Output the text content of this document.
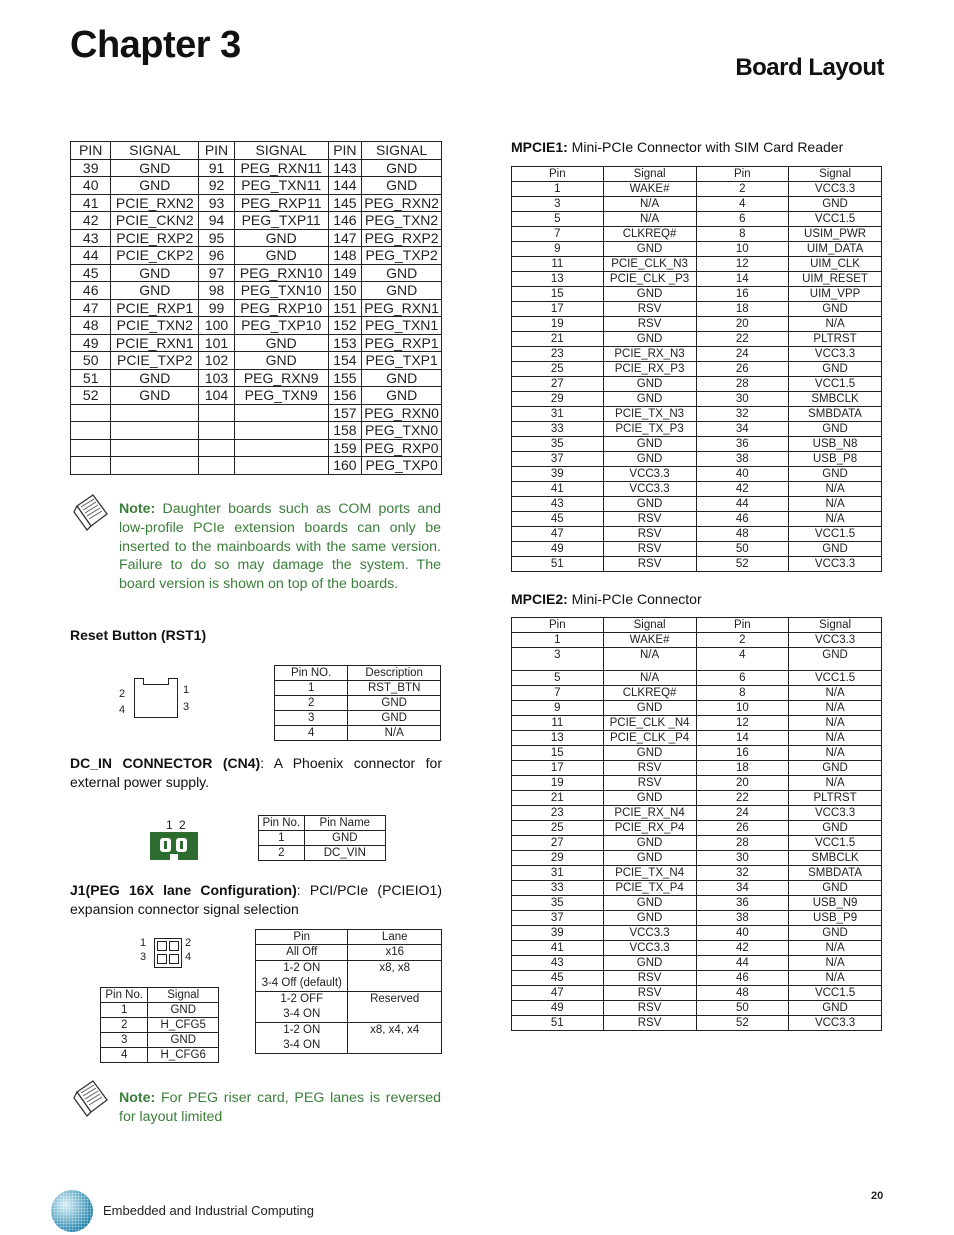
Chapter 3
Board Layout
PIN	SIGNAL	PIN	SIGNAL	PIN	SIGNAL
39	GND	91	PEG_RXN11	143	GND
40	GND	92	PEG_TXN11	144	GND
41	PCIE_RXN2	93	PEG_RXP11	145	PEG_RXN2
42	PCIE_CKN2	94	PEG_TXP11	146	PEG_TXN2
43	PCIE_RXP2	95	GND	147	PEG_RXP2
44	PCIE_CKP2	96	GND	148	PEG_TXP2
45	GND	97	PEG_RXN10	149	GND
46	GND	98	PEG_TXN10	150	GND
47	PCIE_RXP1	99	PEG_RXP10	151	PEG_RXN1
48	PCIE_TXN2	100	PEG_TXP10	152	PEG_TXN1
49	PCIE_RXN1	101	GND	153	PEG_RXP1
50	PCIE_TXP2	102	GND	154	PEG_TXP1
51	GND	103	PEG_RXN9	155	GND
52	GND	104	PEG_TXN9	156	GND
				157	PEG_RXN0
				158	PEG_TXN0
				159	PEG_RXP0
				160	PEG_TXP0
Note: Daughter boards such as COM ports and low-profile PCIe extension boards can only be inserted to the mainboards with the same version. Failure to do so may damage the system. The board version is shown on top of the boards.
Reset Button (RST1)
2
4
1
3
Pin NO.	Description
1	RST_BTN
2	GND
3	GND
4	N/A
DC_IN CONNECTOR (CN4): A Phoenix connector for external power supply.
1 2	Pin No.	Pin Name
1	GND
2	DC_VIN
J1(PEG 16X lane Configuration): PCI/PCIe (PCIEIO1) expansion connector signal selection
1
3
2
4
Pin No.	Signal
1	GND
2	H_CFG5
3	GND
4	H_CFG6
Pin	Lane

All Off	x16

1-2 ON
3-4 Off (default)	x8, x8

1-2 OFF
3-4 ON	Reserved

1-2 ON
3-4 ON	x8, x4, x4
Note: For PEG riser card, PEG lanes is reversed for layout limited
MPCIE1: Mini-PCIe Connector with SIM Card Reader
Pin	Signal	Pin	Signal
1	WAKE#	2	VCC3.3
3	N/A	4	GND
5	N/A	6	VCC1.5
7	CLKREQ#	8	USIM_PWR
9	GND	10	UIM_DATA
11	PCIE_CLK_N3	12	UIM_CLK
13	PCIE_CLK _P3	14	UIM_RESET
15	GND	16	UIM_VPP
17	RSV	18	GND
19	RSV	20	N/A
21	GND	22	PLTRST
23	PCIE_RX_N3	24	VCC3.3
25	PCIE_RX_P3	26	GND
27	GND	28	VCC1.5
29	GND	30	SMBCLK
31	PCIE_TX_N3	32	SMBDATA
33	PCIE_TX_P3	34	GND
35	GND	36	USB_N8
37	GND	38	USB_P8
39	VCC3.3	40	GND
41	VCC3.3	42	N/A
43	GND	44	N/A
45	RSV	46	N/A
47	RSV	48	VCC1.5
49	RSV	50	GND
51	RSV	52	VCC3.3
MPCIE2: Mini-PCIe Connector
Pin	Signal	Pin	Signal
1	WAKE#	2	VCC3.3
3	N/A	4	GND
5	N/A	6	VCC1.5
7	CLKREQ#	8	N/A
9	GND	10	N/A
11	PCIE_CLK _N4	12	N/A
13	PCIE_CLK _P4	14	N/A
15	GND	16	N/A
17	RSV	18	GND
19	RSV	20	N/A
21	GND	22	PLTRST
23	PCIE_RX_N4	24	VCC3.3
25	PCIE_RX_P4	26	GND
27	GND	28	VCC1.5
29	GND	30	SMBCLK
31	PCIE_TX_N4	32	SMBDATA
33	PCIE_TX_P4	34	GND
35	GND	36	USB_N9
37	GND	38	USB_P9
39	VCC3.3	40	GND
41	VCC3.3	42	N/A
43	GND	44	N/A
45	RSV	46	N/A
47	RSV	48	VCC1.5
49	RSV	50	GND
51	RSV	52	VCC3.3
Embedded and Industrial Computing
20
